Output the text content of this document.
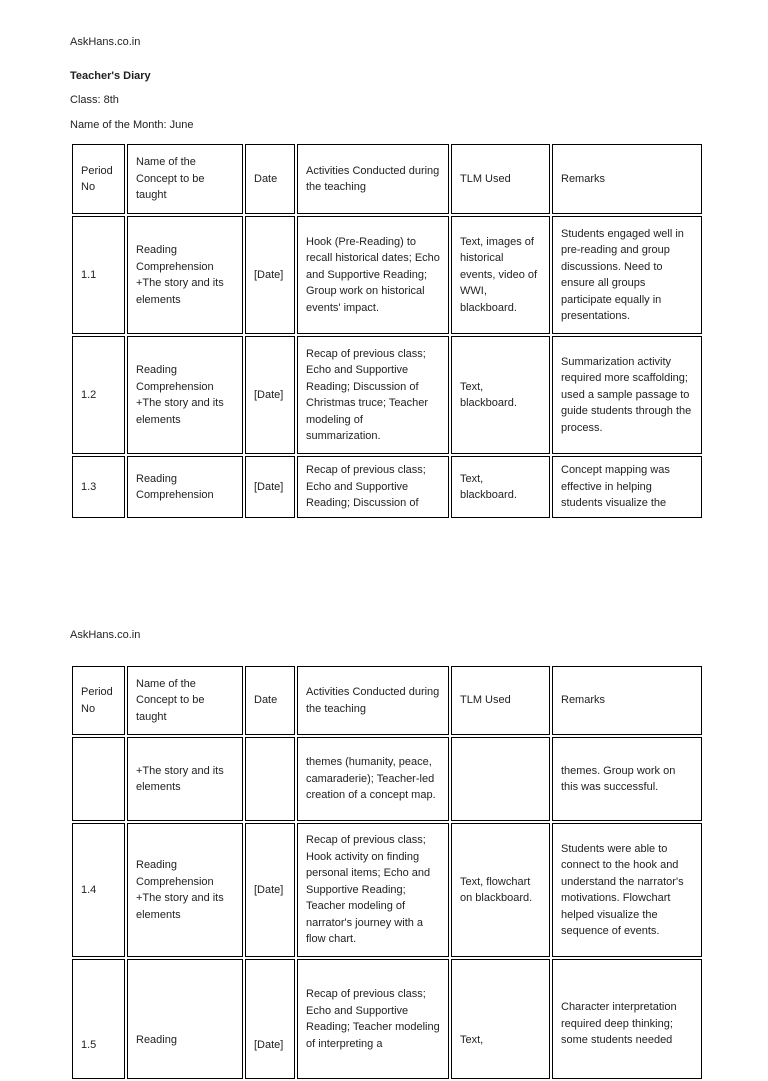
AskHans.co.in
Teacher's Diary
Class: 8th
Name of the Month: June
Period No	Name of the Concept to be taught	Date	Activities Conducted during the teaching	TLM Used	Remarks
1.1	Reading Comprehension +The story and its elements	[Date]	Hook (Pre-Reading) to recall historical dates; Echo and Supportive Reading; Group work on historical events' impact.	Text, images of historical events, video of WWI, blackboard.	Students engaged well in pre-reading and group discussions. Need to ensure all groups participate equally in presentations.
1.2	Reading Comprehension +The story and its elements	[Date]	Recap of previous class; Echo and Supportive Reading; Discussion of Christmas truce; Teacher modeling of summarization.	Text, blackboard.	Summarization activity required more scaffolding; used a sample passage to guide students through the process.
1.3	Reading Comprehension	[Date]	Recap of previous class; Echo and Supportive Reading; Discussion of	Text, blackboard.	Concept mapping was effective in helping students visualize the
AskHans.co.in
Period No	Name of the Concept to be taught	Date	Activities Conducted during the teaching	TLM Used	Remarks
	+The story and its elements		themes (humanity, peace, camaraderie); Teacher-led creation of a concept map.		themes. Group work on this was successful.
1.4	Reading Comprehension +The story and its elements	[Date]	Recap of previous class; Hook activity on finding personal items; Echo and Supportive Reading; Teacher modeling of narrator's journey with a flow chart.	Text, flowchart on blackboard.	Students were able to connect to the hook and understand the narrator's motivations. Flowchart helped visualize the sequence of events.
1.5	Reading	[Date]	Recap of previous class; Echo and Supportive Reading; Teacher modeling of interpreting a	Text,	Character interpretation required deep thinking; some students needed
